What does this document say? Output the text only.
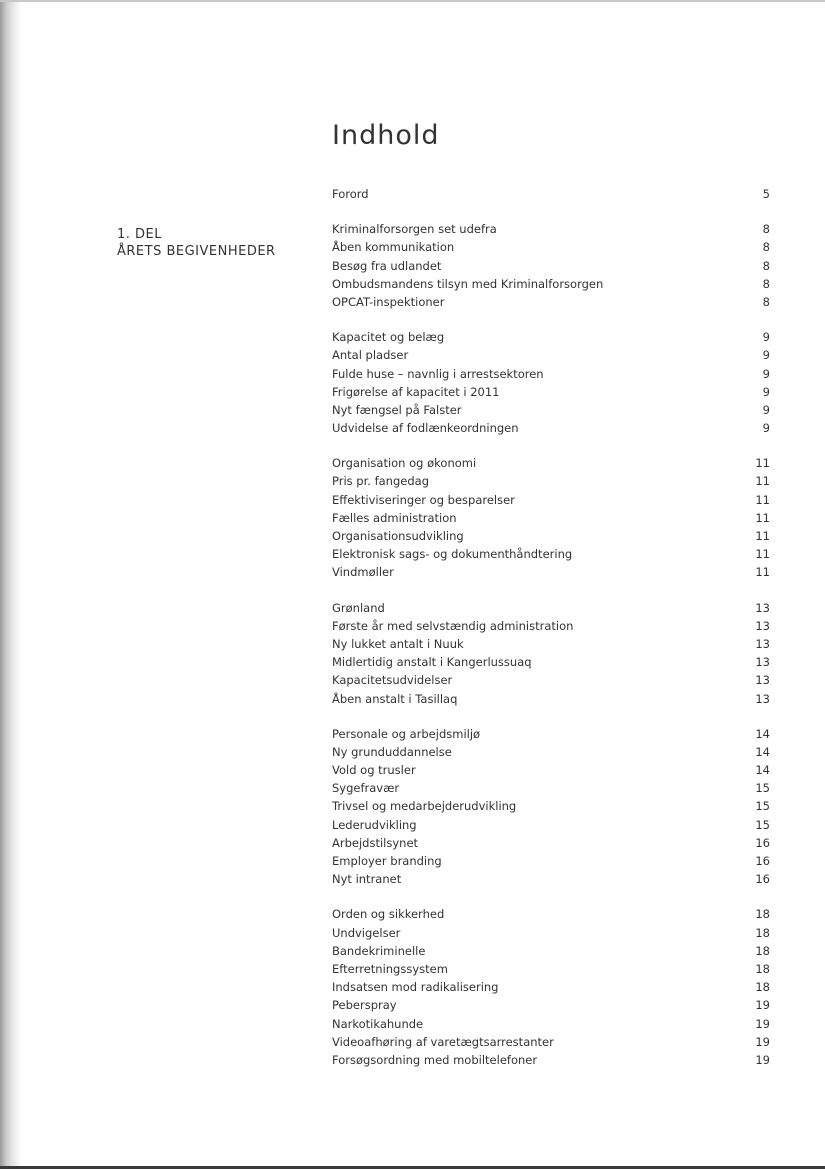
Indhold
1. DEL
ÅRETS BEGIVENHEDER
Forord	5
Kriminalforsorgen set udefra	8
Åben kommunikation	8
Besøg fra udlandet	8
Ombudsmandens tilsyn med Kriminalforsorgen	8
OPCAT-inspektioner	8
Kapacitet og belæg	9
Antal pladser	9
Fulde huse – navnlig i arrestsektoren	9
Frigørelse af kapacitet i 2011	9
Nyt fængsel på Falster	9
Udvidelse af fodlænkeordningen	9
Organisation og økonomi	11
Pris pr. fangedag	11
Effektiviseringer og besparelser	11
Fælles administration	11
Organisationsudvikling	11
Elektronisk sags- og dokumenthåndtering	11
Vindmøller	11
Grønland	13
Første år med selvstændig administration	13
Ny lukket antalt i Nuuk	13
Midlertidig anstalt i Kangerlussuaq	13
Kapacitetsudvidelser	13
Åben anstalt i Tasillaq	13
Personale og arbejdsmiljø	14
Ny grunduddannelse	14
Vold og trusler	14
Sygefravær	15
Trivsel og medarbejderudvikling	15
Lederudvikling	15
Arbejdstilsynet	16
Employer branding	16
Nyt intranet	16
Orden og sikkerhed	18
Undvigelser	18
Bandekriminelle	18
Efterretningssystem	18
Indsatsen mod radikalisering	18
Peberspray	19
Narkotikahunde	19
Videoafhøring af varetægtsarrestanter	19
Forsøgsordning med mobiltelefoner	19
